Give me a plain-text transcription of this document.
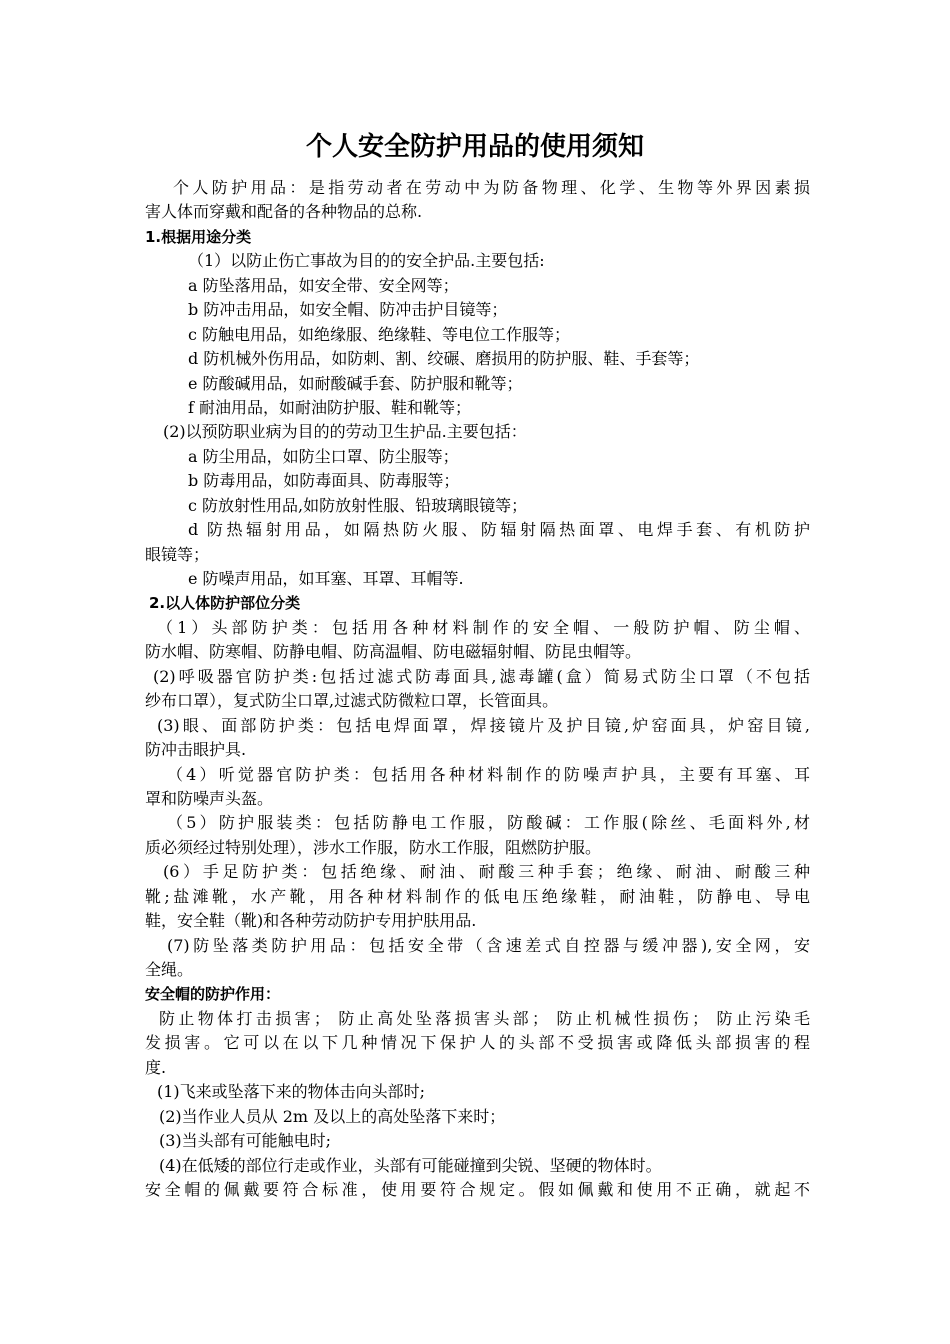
个人安全防护用品的使用须知
个人防护用品：是指劳动者在劳动中为防备物理、化学、生物等外界因素损
害人体而穿戴和配备的各种物品的总称.
1.根据用途分类
（1）以防止伤亡事故为目的的安全护品.主要包括:
a 防坠落用品，如安全带、安全网等；
b 防冲击用品，如安全帽、防冲击护目镜等；
c 防触电用品，如绝缘服、绝缘鞋、等电位工作服等；
d 防机械外伤用品，如防刺、割、绞碾、磨损用的防护服、鞋、手套等；
e 防酸碱用品，如耐酸碱手套、防护服和靴等；
f 耐油用品，如耐油防护服、鞋和靴等；
(2)以预防职业病为目的的劳动卫生护品.主要包括：
a 防尘用品，如防尘口罩、防尘服等；
b 防毒用品，如防毒面具、防毒服等；
c 防放射性用品,如防放射性服、铅玻璃眼镜等；
d 防热辐射用品，如隔热防火服、防辐射隔热面罩、电焊手套、有机防护
眼镜等；
e 防噪声用品，如耳塞、耳罩、耳帽等.
2.以人体防护部位分类
（1）头部防护类：包括用各种材料制作的安全帽、一般防护帽、防尘帽、
防水帽、防寒帽、防静电帽、防高温帽、防电磁辐射帽、防昆虫帽等。
(2)呼吸器官防护类:包括过滤式防毒面具,滤毒罐(盒）简易式防尘口罩（不包括
纱布口罩），复式防尘口罩,过滤式防微粒口罩，长管面具。
(3)眼、面部防护类：包括电焊面罩，焊接镜片及护目镜,炉窑面具，炉窑目镜,
防冲击眼护具.
（4）听觉器官防护类：包括用各种材料制作的防噪声护具，主要有耳塞、耳
罩和防噪声头盔。
（5）防护服装类：包括防静电工作服，防酸碱：工作服(除丝、毛面料外,材
质必须经过特别处理），涉水工作服，防水工作服，阻燃防护服。
(6）手足防护类：包括绝缘、耐油、耐酸三种手套；绝缘、耐油、耐酸三种
靴;盐滩靴，水产靴，用各种材料制作的低电压绝缘鞋，耐油鞋，防静电、导电
鞋，安全鞋（靴)和各种劳动防护专用护肤用品.
(7)防坠落类防护用品：包括安全带（含速差式自控器与缓冲器),安全网，安
全绳。
安全帽的防护作用：
防止物体打击损害； 防止高处坠落损害头部； 防止机械性损伤； 防止污染毛
发损害。它可以在以下几种情况下保护人的头部不受损害或降低头部损害的程
度.
(1)飞来或坠落下来的物体击向头部时;
(2)当作业人员从 2m 及以上的高处坠落下来时；
(3)当头部有可能触电时;
(4)在低矮的部位行走或作业，头部有可能碰撞到尖锐、坚硬的物体时。
安全帽的佩戴要符合标准，使用要符合规定。假如佩戴和使用不正确，就起不
